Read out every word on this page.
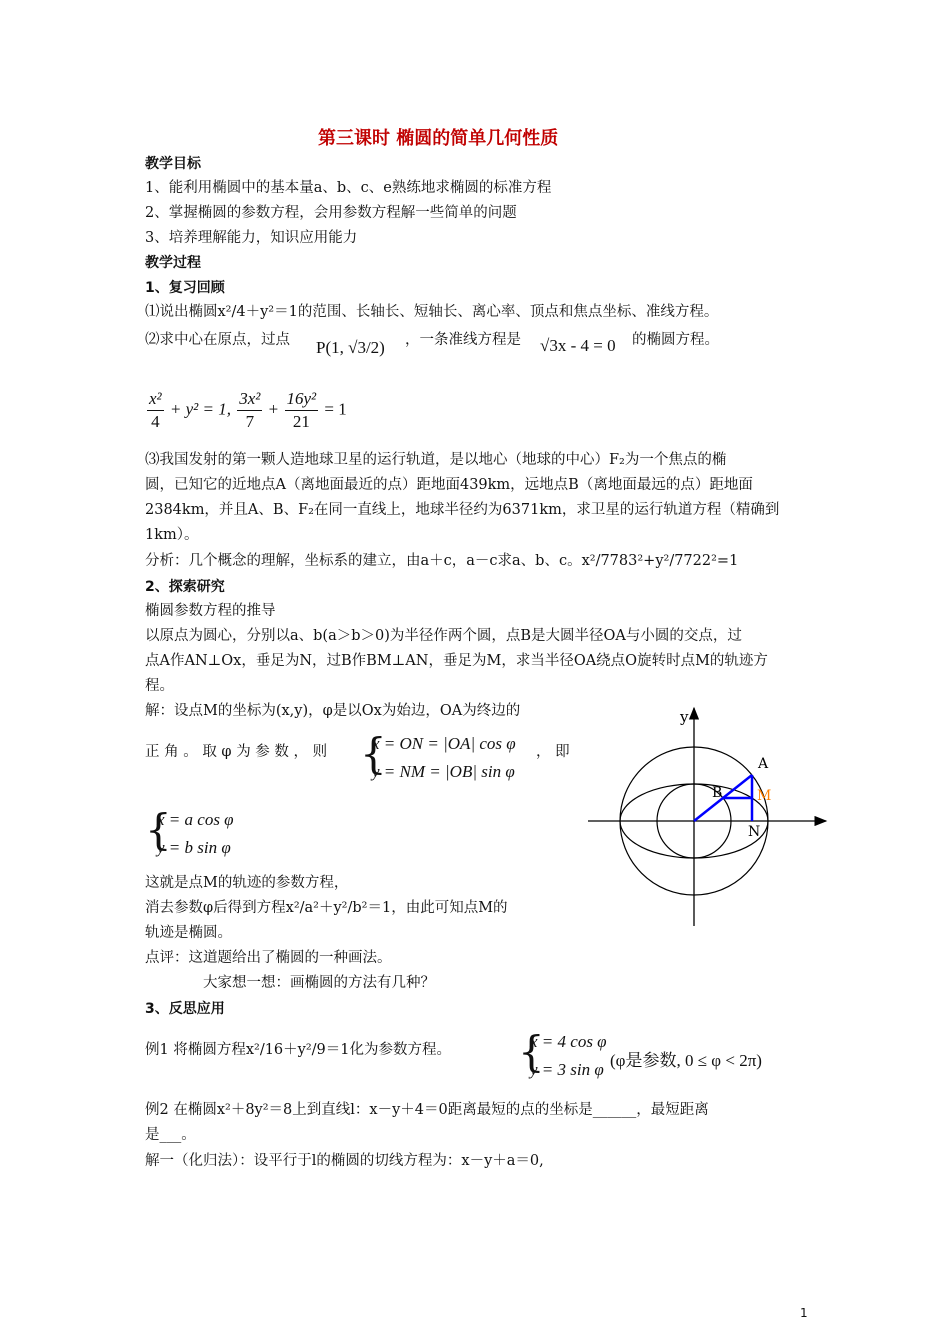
第三课时 椭圆的简单几何性质
教学目标
1、能利用椭圆中的基本量a、b、c、e熟练地求椭圆的标准方程
2、掌握椭圆的参数方程，会用参数方程解一些简单的问题
3、培养理解能力，知识应用能力
教学过程
1、复习回顾
⑴说出椭圆x²/4＋y²＝1的范围、长轴长、短轴长、离心率、顶点和焦点坐标、准线方程。
⑵求中心在原点，过点 P(1, √3/2) ，一条准线方程是 √3x - 4 = 0 的椭圆方程。
$\frac{\text{x²}}{4} + y^2 = 1$, $\frac{\text{3x²}}{7} + \frac{\text{16y²}}{21} = 1$
⑶我国发射的第一颗人造地球卫星的运行轨道，是以地心（地球的中心）F₂为一个焦点的椭
圆，已知它的近地点A（离地面最近的点）距地面439km，远地点B（离地面最远的点）距地面
2384km，并且A、B、F₂在同一直线上，地球半径约为6371km，求卫星的运行轨道方程（精确到
1km）。
分析：几个概念的理解，坐标系的建立，由a＋c，a－c求a、b、c。x²/7783²+y²/7722²=1
2、探索研究
椭圆参数方程的推导
以原点为圆心，分别以a、b(a＞b＞0)为半径作两个圆，点B是大圆半径OA与小圆的交点，过
点A作AN⊥Ox，垂足为N，过B作BM⊥AN，垂足为M，求当半径OA绕点O旋转时点M的轨迹方
程。
解：设点M的坐标为(x,y)，φ是以Ox为始边，OA为终边的
正 角 。 取 φ 为 参 数 ， 则 {
x = ON = |OA| cos φ
y = NM = |OB| sin φ
， 即
{
x = a cos φ
y = b sin φ
这就是点M的轨迹的参数方程，
消去参数φ后得到方程x²/a²＋y²/b²＝1，由此可知点M的
轨迹是椭圆。
点评：这道题给出了椭圆的一种画法。
大家想一想：画椭圆的方法有几种？
y
A
B M
N
3、反思应用
例1 将椭圆方程x²/16＋y²/9＝1化为参数方程。 {
x = 4 cos φ
y = 3 sin φ (φ是参数, 0 ≤ φ < 2π)
例2 在椭圆x²＋8y²＝8上到直线l：x－y＋4＝0距离最短的点的坐标是______，最短距离
是___。
解一（化归法）：设平行于l的椭圆的切线方程为：x－y＋a＝0,
1
